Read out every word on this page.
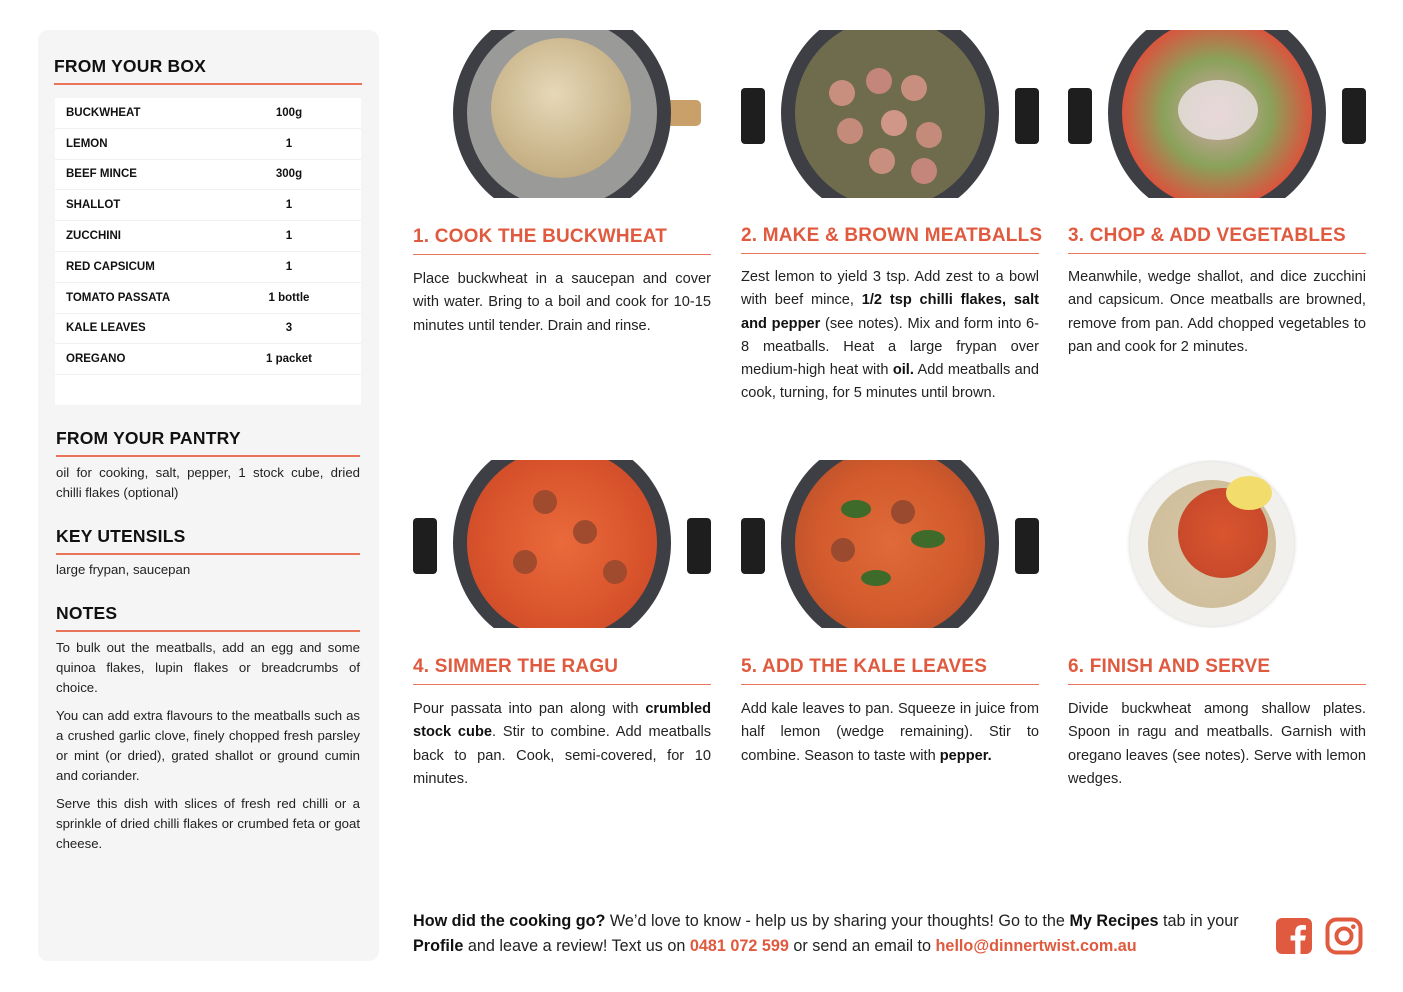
FROM YOUR BOX
BUCKWHEAT	100g
LEMON	1
BEEF MINCE	300g
SHALLOT	1
ZUCCHINI	1
RED CAPSICUM	1
TOMATO PASSATA	1 bottle
KALE LEAVES	3
OREGANO	1 packet
FROM YOUR PANTRY

oil for cooking, salt, pepper, 1 stock cube, dried chilli flakes (optional)

KEY UTENSILS

large frypan, saucepan

NOTES

To bulk out the meatballs, add an egg and some quinoa flakes, lupin flakes or breadcrumbs of choice.

You can add extra flavours to the meatballs such as a crushed garlic clove, finely chopped fresh parsley or mint (or dried), grated shallot or ground cumin and coriander.

Serve this dish with slices of fresh red chilli or a sprinkle of dried chilli flakes or crumbed feta or goat cheese.

1. COOK THE BUCKWHEAT

Place buckwheat in a saucepan and cover with water. Bring to a boil and cook for 10-15 minutes until tender. Drain and rinse.

2. MAKE & BROWN MEATBALLS

Zest lemon to yield 3 tsp. Add zest to a bowl with beef mince, 1/2 tsp chilli flakes, salt and pepper (see notes). Mix and form into 6-8 meatballs. Heat a large frypan over medium-high heat with oil. Add meatballs and cook, turning, for 5 minutes until brown.

3. CHOP & ADD VEGETABLES

Meanwhile, wedge shallot, and dice zucchini and capsicum. Once meatballs are browned, remove from pan. Add chopped vegetables to pan and cook for 2 minutes.

4. SIMMER THE RAGU

Pour passata into pan along with crumbled stock cube. Stir to combine. Add meatballs back to pan. Cook, semi-covered, for 10 minutes.

5. ADD THE KALE LEAVES

Add kale leaves to pan. Squeeze in juice from half lemon (wedge remaining). Stir to combine. Season to taste with pepper.

6. FINISH AND SERVE

Divide buckwheat among shallow plates. Spoon in ragu and meatballs. Garnish with oregano leaves (see notes). Serve with lemon wedges.

How did the cooking go? We’d love to know - help us by sharing your thoughts! Go to the My Recipes tab in your Profile and leave a review! Text us on 0481 072 599 or send an email to hello@dinnertwist.com.au
